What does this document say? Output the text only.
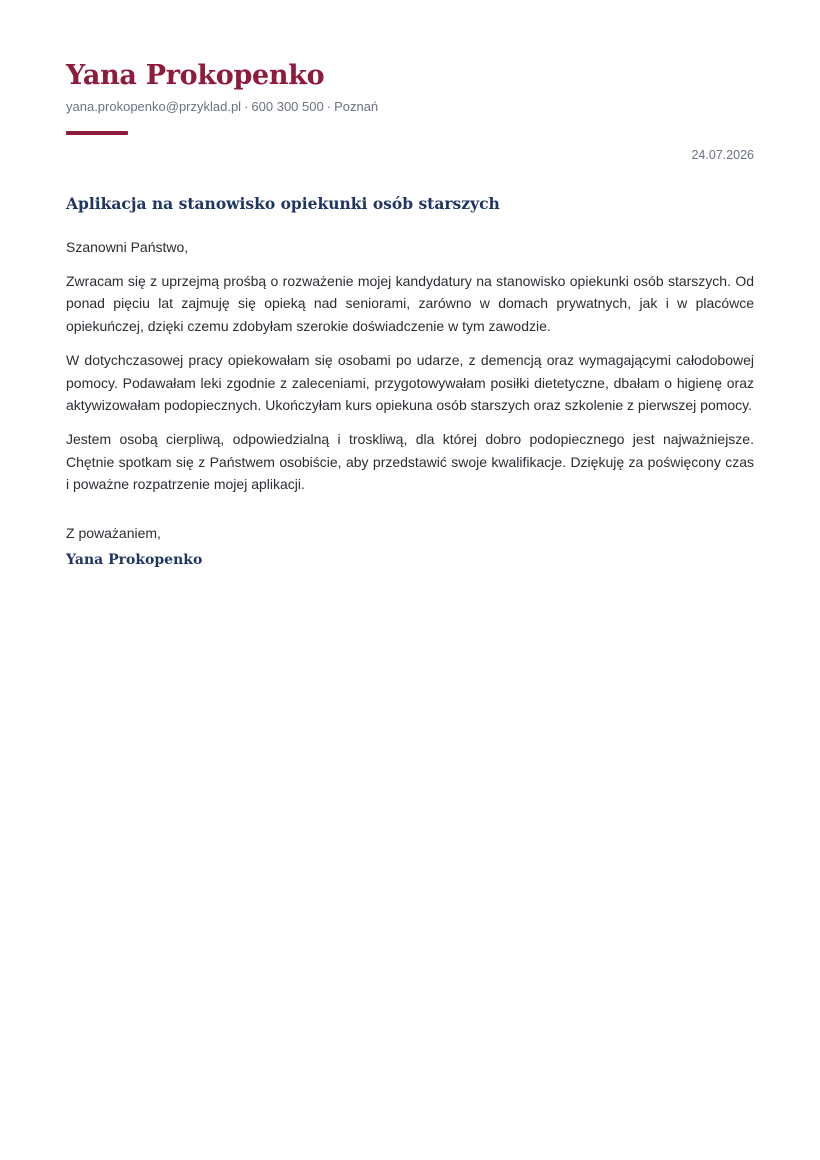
Yana Prokopenko
yana.prokopenko@przyklad.pl · 600 300 500 · Poznań
24.07.2026
Aplikacja na stanowisko opiekunki osób starszych

Szanowni Państwo,

Zwracam się z uprzejmą prośbą o rozważenie mojej kandydatury na stanowisko opiekunki osób starszych. Od ponad pięciu lat zajmuję się opieką nad seniorami, zarówno w domach prywatnych, jak i w placówce opiekuńczej, dzięki czemu zdobyłam szerokie doświadczenie w tym zawodzie.

W dotychczasowej pracy opiekowałam się osobami po udarze, z demencją oraz wymagającymi całodobowej pomocy. Podawałam leki zgodnie z zaleceniami, przygotowywałam posiłki dietetyczne, dbałam o higienę oraz aktywizowałam podopiecznych. Ukończyłam kurs opiekuna osób starszych oraz szkolenie z pierwszej pomocy.

Jestem osobą cierpliwą, odpowiedzialną i troskliwą, dla której dobro podopiecznego jest najważniejsze. Chętnie spotkam się z Państwem osobiście, aby przedstawić swoje kwalifikacje. Dziękuję za poświęcony czas i poważne rozpatrzenie mojej aplikacji.

Z poważaniem,

Yana Prokopenko
